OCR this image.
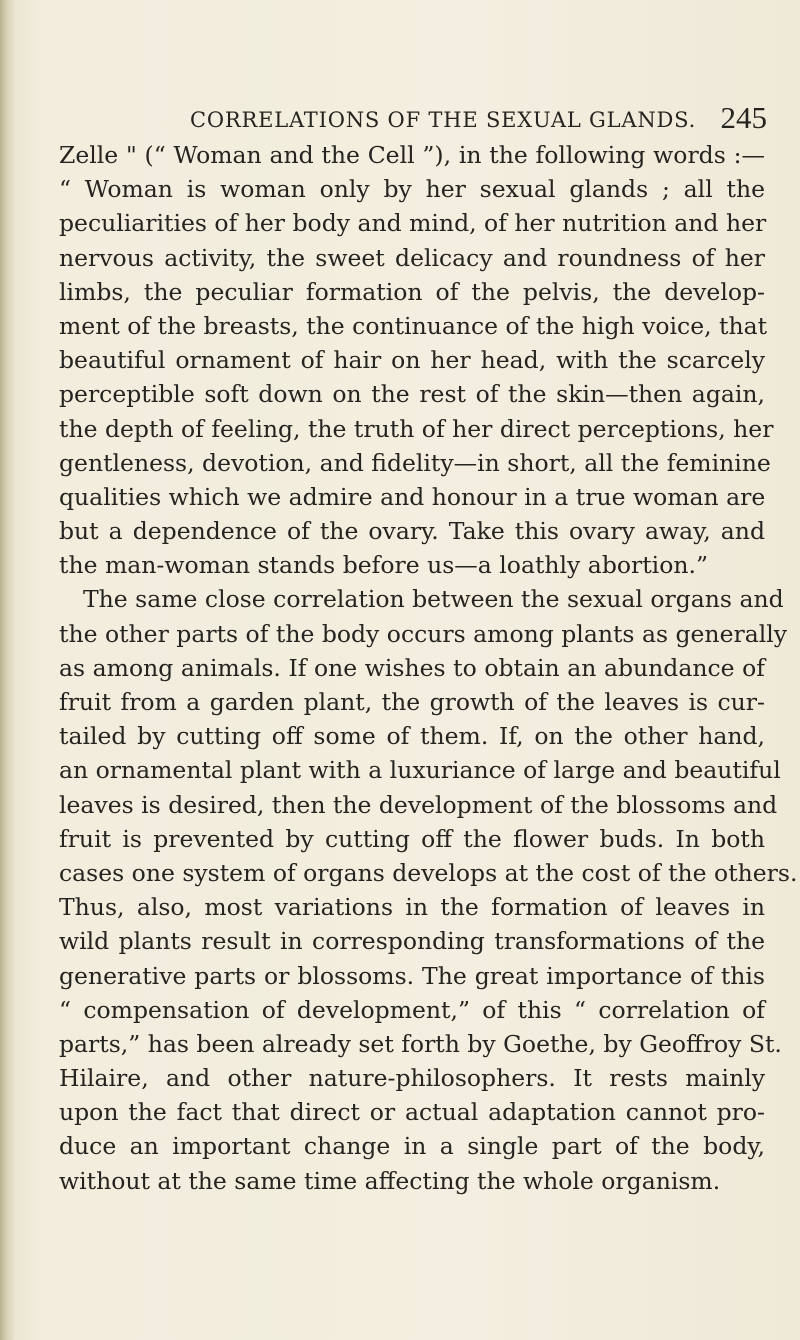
CORRELATIONS OF THE SEXUAL GLANDS. 245
Zelle " (“ Woman and the Cell ”), in the following words :—
“ Woman is woman only by her sexual glands ; all the
peculiarities of her body and mind, of her nutrition and her
nervous activity, the sweet delicacy and roundness of her
limbs, the peculiar formation of the pelvis, the develop-
ment of the breasts, the continuance of the high voice, that
beautiful ornament of hair on her head, with the scarcely
perceptible soft down on the rest of the skin—then again,
the depth of feeling, the truth of her direct perceptions, her
gentleness, devotion, and fidelity—in short, all the feminine
qualities which we admire and honour in a true woman are
but a dependence of the ovary. Take this ovary away, and
the man-woman stands before us—a loathly abortion.”
The same close correlation between the sexual organs and
the other parts of the body occurs among plants as generally
as among animals. If one wishes to obtain an abundance of
fruit from a garden plant, the growth of the leaves is cur-
tailed by cutting off some of them. If, on the other hand,
an ornamental plant with a luxuriance of large and beautiful
leaves is desired, then the development of the blossoms and
fruit is prevented by cutting off the flower buds. In both
cases one system of organs develops at the cost of the others.
Thus, also, most variations in the formation of leaves in
wild plants result in corresponding transformations of the
generative parts or blossoms. The great importance of this
“ compensation of development,” of this “ correlation of
parts,” has been already set forth by Goethe, by Geoffroy St.
Hilaire, and other nature-philosophers. It rests mainly
upon the fact that direct or actual adaptation cannot pro-
duce an important change in a single part of the body,
without at the same time affecting the whole organism.
